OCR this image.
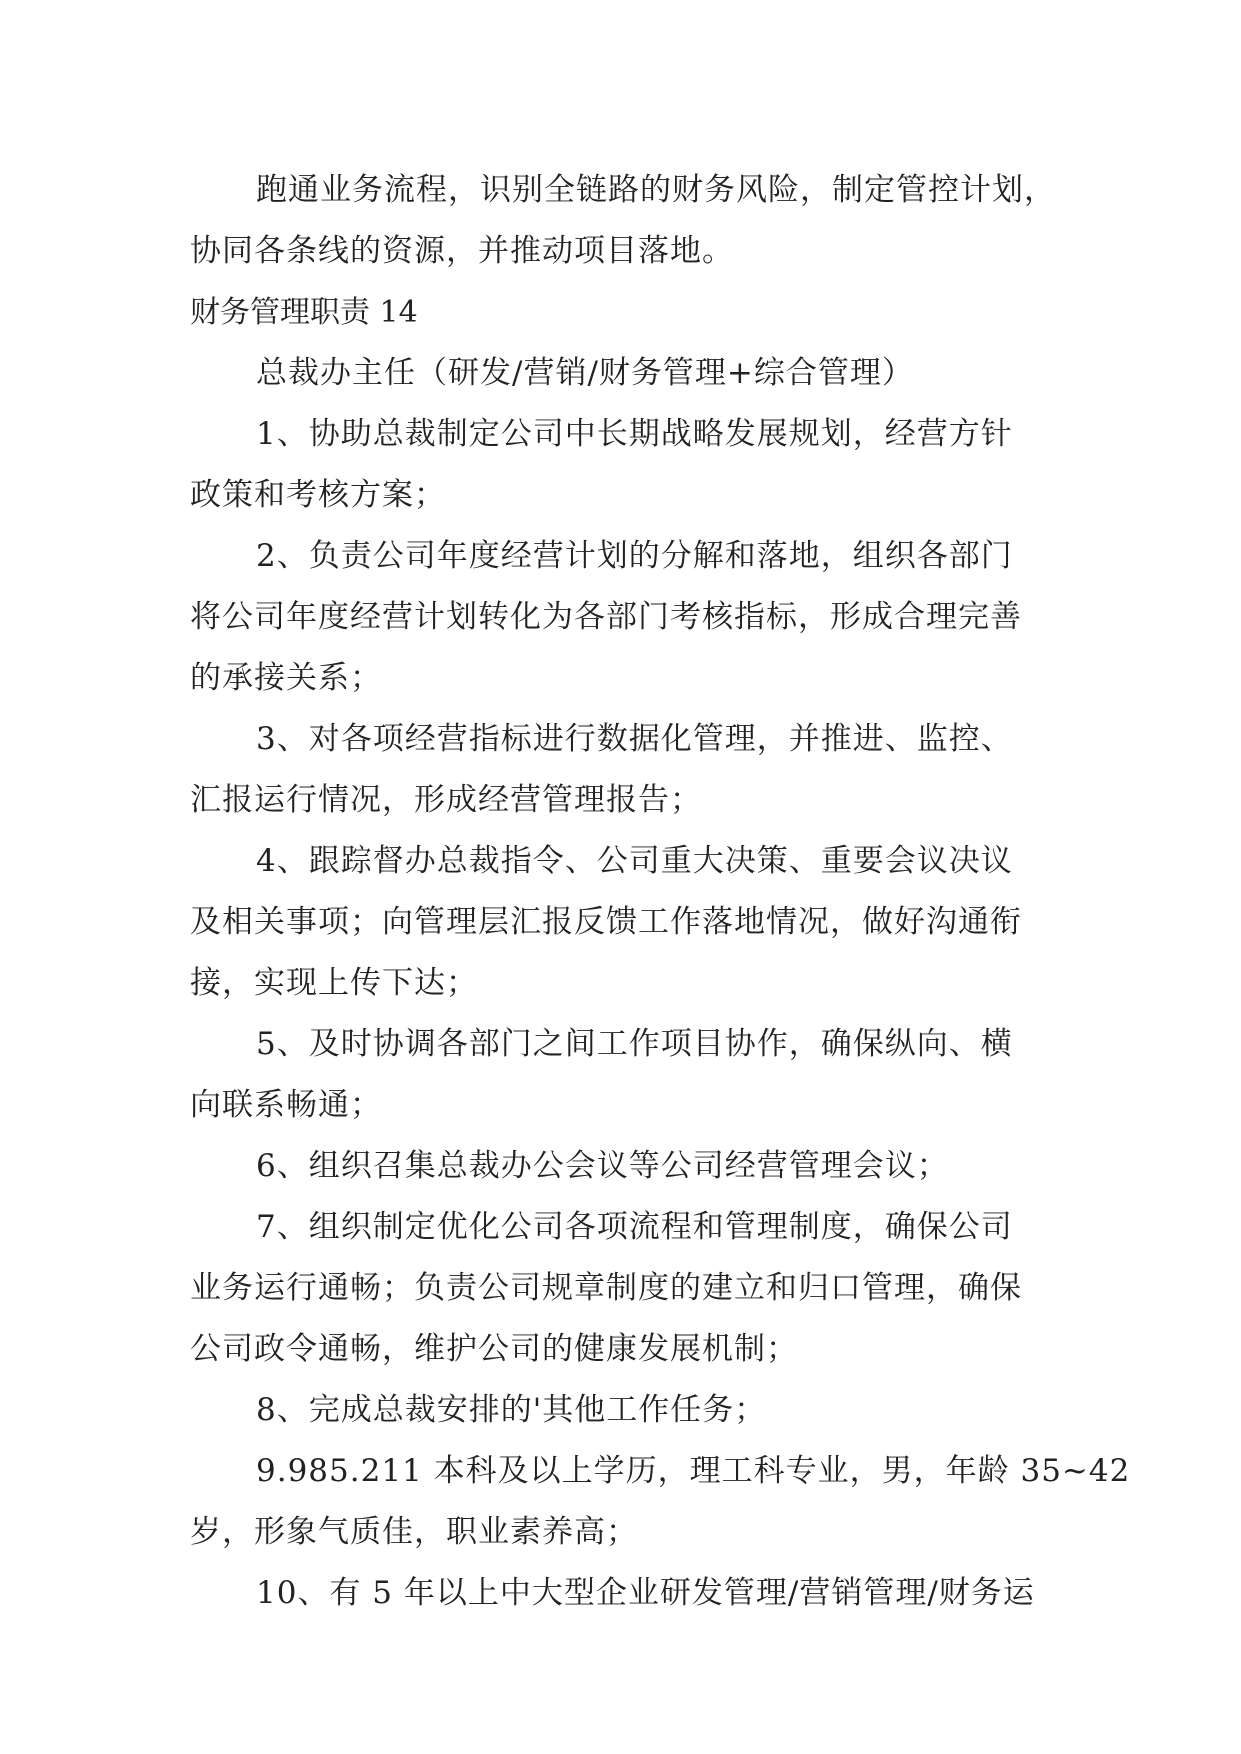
跑通业务流程，识别全链路的财务风险，制定管控计划，
协同各条线的资源，并推动项目落地。
财务管理职责 14
总裁办主任（研发/营销/财务管理+综合管理）
1、协助总裁制定公司中长期战略发展规划，经营方针
政策和考核方案；
2、负责公司年度经营计划的分解和落地，组织各部门
将公司年度经营计划转化为各部门考核指标，形成合理完善
的承接关系；
3、对各项经营指标进行数据化管理，并推进、监控、
汇报运行情况，形成经营管理报告；
4、跟踪督办总裁指令、公司重大决策、重要会议决议
及相关事项；向管理层汇报反馈工作落地情况，做好沟通衔
接，实现上传下达；
5、及时协调各部门之间工作项目协作，确保纵向、横
向联系畅通；
6、组织召集总裁办公会议等公司经营管理会议；
7、组织制定优化公司各项流程和管理制度，确保公司
业务运行通畅；负责公司规章制度的建立和归口管理，确保
公司政令通畅，维护公司的健康发展机制；
8、完成总裁安排的'其他工作任务；
9.985.211 本科及以上学历，理工科专业，男，年龄 35~42
岁，形象气质佳，职业素养高；
10、有 5 年以上中大型企业研发管理/营销管理/财务运
